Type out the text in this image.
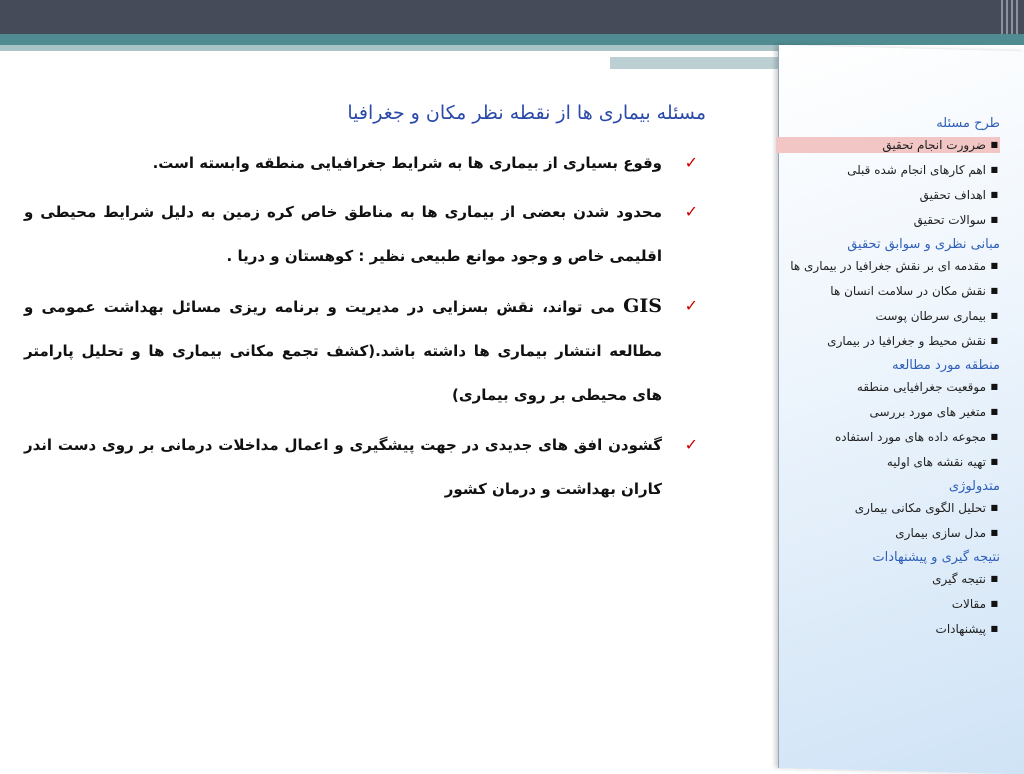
مسئله بیماری ها از نقطه نظر مکان و جغرافیا
✓
وقوع بسیاری از بیماری ها به شرایط جغرافیایی منطقه وابسته است.
✓
محدود شدن بعضی از بیماری ها به مناطق خاص کره زمین به دلیل شرایط محیطی و اقلیمی خاص و وجود موانع طبیعی نظیر : کوهستان و دریا .
✓
GIS می تواند، نقش بسزایی در مدیریت و برنامه ریزی مسائل بهداشت عمومی و مطالعه انتشار بیماری ها داشته باشد.(کشف تجمع مکانی بیماری ها و تحلیل پارامتر های محیطی بر روی بیماری)
✓
گشودن افق های جدیدی در جهت پیشگیری و اعمال مداخلات درمانی بر روی دست اندر کاران بهداشت و درمان کشور
طرح مسئله
■ ضرورت انجام تحقیق
■ اهم کارهای انجام شده قبلی
■ اهداف تحقیق
■ سوالات تحقیق
مبانی نظری و سوابق تحقیق
■ مقدمه ای بر نقش جغرافیا در بیماری ها
■ نقش مکان در سلامت انسان ها
■ بیماری سرطان پوست
■ نقش محیط و جغرافیا در بیماری
منطقه مورد مطالعه
■ موقعیت جغرافیایی منطقه
■ متغیر های مورد بررسی
■ مجوعه داده های مورد استفاده
■ تهیه نقشه های اولیه
متدولوژی
■ تحلیل الگوی مکانی بیماری
■ مدل سازی بیماری
نتیجه گیری و پیشنهادات
■ نتیجه گیری
■ مقالات
■ پیشنهادات
